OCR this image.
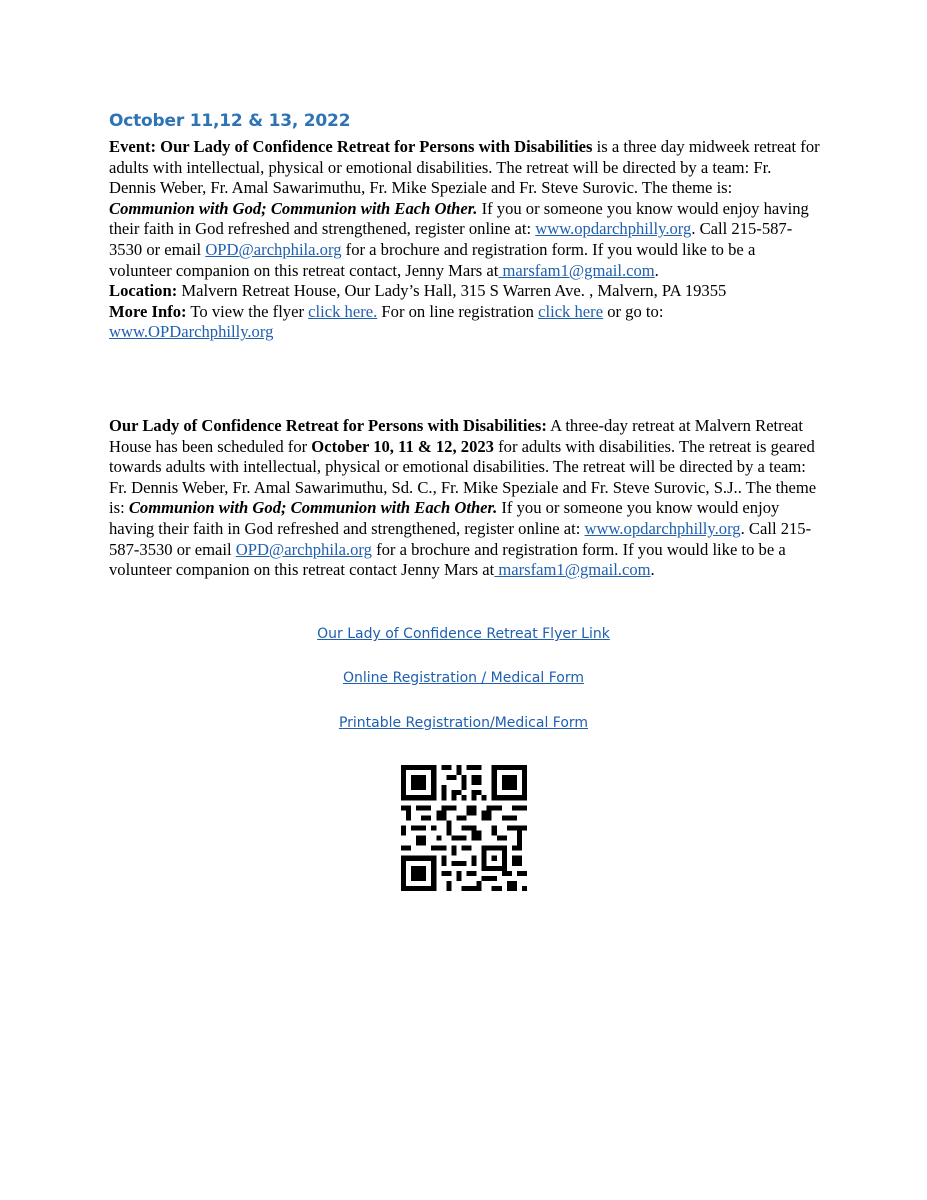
October 11,12 & 13, 2022

Event: Our Lady of Confidence Retreat for Persons with Disabilities is a three day midweek retreat for adults with intellectual, physical or emotional disabilities. The retreat will be directed by a team: Fr. Dennis Weber, Fr. Amal Sawarimuthu, Fr. Mike Speziale and Fr. Steve Surovic. The theme is: Communion with God; Communion with Each Other. If you or someone you know would enjoy having their faith in God refreshed and strengthened, register online at: www.opdarchphilly.org. Call 215-587-3530 or email OPD@archphila.org for a brochure and registration form. If you would like to be a volunteer companion on this retreat contact, Jenny Mars at marsfam1@gmail.com.

Location: Malvern Retreat House, Our Lady’s Hall, 315 S Warren Ave. , Malvern, PA 19355

More Info: To view the flyer click here. For on line registration click here or go to: www.OPDarchphilly.org

Our Lady of Confidence Retreat for Persons with Disabilities: A three-day retreat at Malvern Retreat House has been scheduled for October 10, 11 & 12, 2023 for adults with disabilities. The retreat is geared towards adults with intellectual, physical or emotional disabilities. The retreat will be directed by a team: Fr. Dennis Weber, Fr. Amal Sawarimuthu, Sd. C., Fr. Mike Speziale and Fr. Steve Surovic, S.J.. The theme is: Communion with God; Communion with Each Other. If you or someone you know would enjoy having their faith in God refreshed and strengthened, register online at: www.opdarchphilly.org. Call 215-587-3530 or email OPD@archphila.org for a brochure and registration form. If you would like to be a volunteer companion on this retreat contact Jenny Mars at marsfam1@gmail.com.

Our Lady of Confidence Retreat Flyer Link
Online Registration / Medical Form
Printable Registration/Medical Form
